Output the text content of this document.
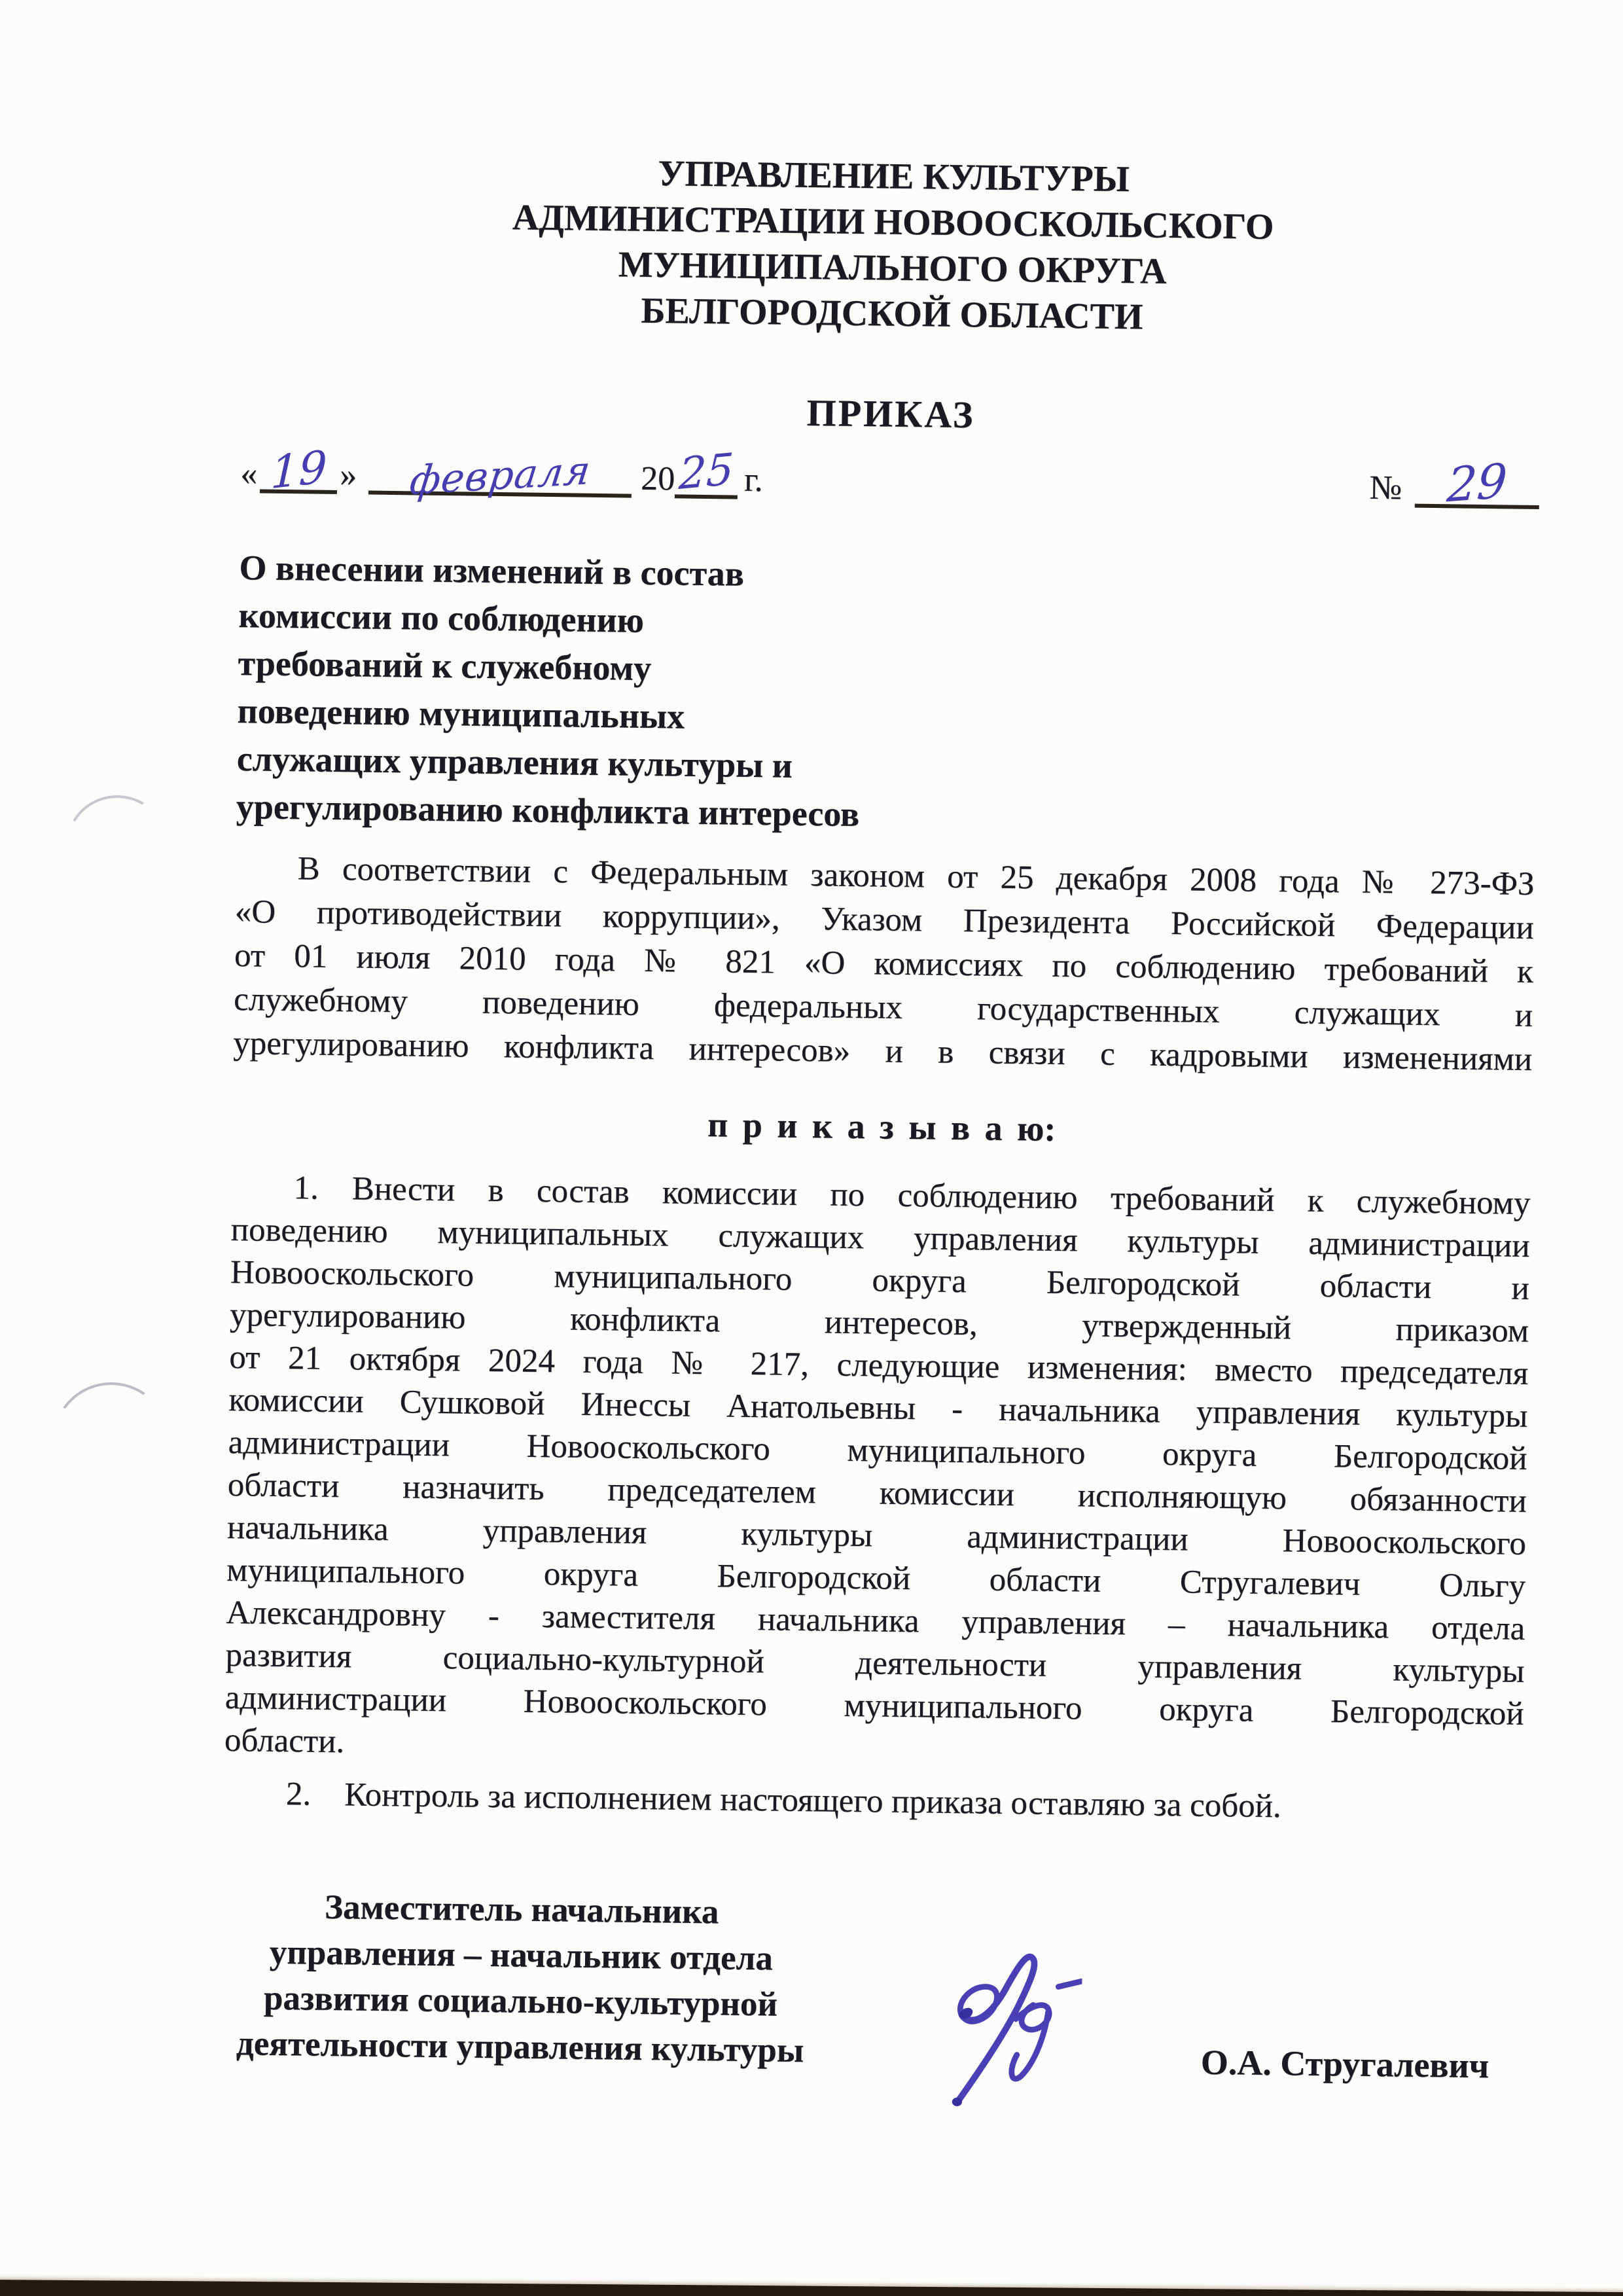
УПРАВЛЕНИЕ КУЛЬТУРЫ
АДМИНИСТРАЦИИ НОВООСКОЛЬСКОГО
МУНИЦИПАЛЬНОГО ОКРУГА
БЕЛГОРОДСКОЙ ОБЛАСТИ
ПРИКАЗ
« 19 »	февраля	20 25 г.	№ 29
О внесении изменений в состав
комиссии по соблюдению
требований к служебному
поведению муниципальных
служащих управления культуры и
урегулированию конфликта интересов
В соответствии с Федеральным законом от 25 декабря 2008 года № 273-ФЗ
«О противодействии коррупции», Указом Президента Российской Федерации
от 01 июля 2010 года № 821 «О комиссиях по соблюдению требований к
служебному поведению федеральных государственных служащих и
урегулированию конфликта интересов» и в связи с кадровыми изменениями
п р и к а з ы в а ю:
1. Внести в состав комиссии по соблюдению требований к служебному
поведению муниципальных служащих управления культуры администрации
Новооскольского муниципального округа Белгородской области и
урегулированию конфликта интересов, утвержденный приказом
от 21 октября 2024 года № 217, следующие изменения: вместо председателя
комиссии Сушковой Инессы Анатольевны - начальника управления культуры
администрации Новооскольского муниципального округа Белгородской
области назначить председателем комиссии исполняющую обязанности
начальника управления культуры администрации Новооскольского
муниципального округа Белгородской области Стругалевич Ольгу
Александровну - заместителя начальника управления – начальника отдела
развития социально-культурной деятельности управления культуры
администрации Новооскольского муниципального округа Белгородской
области.
2. Контроль за исполнением настоящего приказа оставляю за собой.
Заместитель начальника
управления – начальник отдела
развития социально-культурной
деятельности управления культуры	О.А. Стругалевич
